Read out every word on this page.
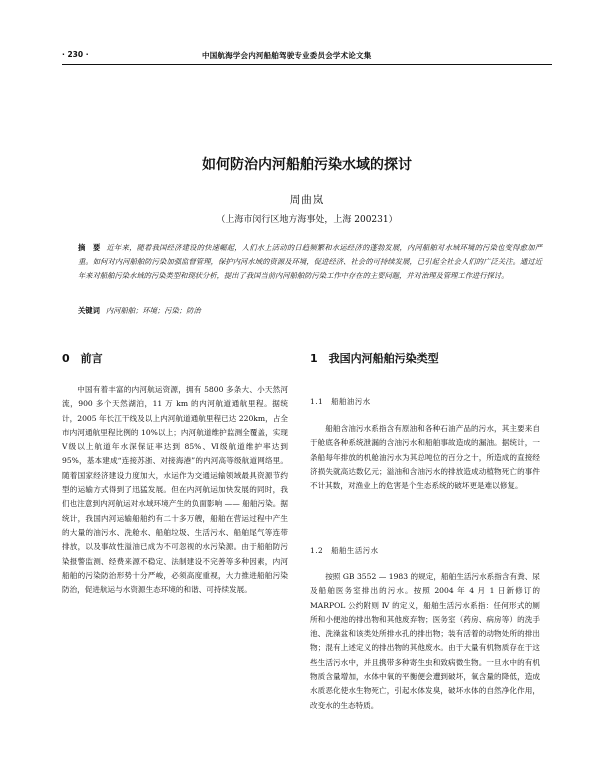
· 230 ·	中国航海学会内河船舶驾驶专业委员会学术论文集
如何防治内河船舶污染水域的探讨
周曲岚
（上海市闵行区地方海事处，上海 200231）
摘　要 近年来，随着我国经济建设的快速崛起，人们水上活动的日趋频繁和水运经济的蓬勃发展，内河船舶对水域环境的污染也变得愈加严重。如何对内河船舶防污染加强监督管理，保护内河水域的资源及环境，促进经济、社会的可持续发展，已引起全社会人们的广泛关注。通过近年来对船舶污染水域的污染类型和现状分析，提出了我国当前内河船舶防污染工作中存在的主要问题，并对治理及管理工作进行探讨。
关键词 内河船舶；环境；污染；防治
0　前言

中国有着丰富的内河航运资源，拥有 5800 多条大、小天然河流，900 多个天然湖泊，11 万 km 的内河航道通航里程。据统计，2005 年长江干线及以上内河航道通航里程已达 220km，占全市内河通航里程比例的 10%以上；内河航道维护监测全覆盖，实现Ⅴ级以上航道年水深保证率达到 85%、Ⅵ级航道维护率达到 95%，基本建成“连接苏浙、对接海港”的内河高等级航道网络里。随着国家经济建设力度加大，水运作为交通运输领域最具资源节约型的运输方式得到了迅猛发展。但在内河航运加快发展的同时，我们也注意到内河航运对水域环境产生的负面影响 —— 船舶污染。据统计，我国内河运输船舶约有二十多万艘，船舶在营运过程中产生的大量的油污水、洗舱水、船舶垃圾、生活污水、船舶尾气等连带排放，以及事故性溢油已成为不可忽视的水污染源。由于船舶防污染报警监测、经费来源不稳定、法制建设不完善等多种因素，内河船舶的污染防治形势十分严峻，必须高度重视，大力推进船舶污染防治，促进航运与水资源生态环境的和谐、可持续发展。

1　我国内河船舶污染类型
1.1　船舶油污水

船舶含油污水系指含有原油和各种石油产品的污水，其主要来自于舱底各种系统泄漏的含油污水和船舶事故造成的漏油。据统计，一条船每年排放的机舱油污水为其总吨位的百分之十，所造成的直接经济损失就高达数亿元；溢油和含油污水的排放造成动植物死亡的事件不计其数，对渔业上的危害是个生态系统的破坏更是难以修复。

1.2　船舶生活污水

按照 GB 3552 — 1983 的规定，船舶生活污水系指含有粪、尿及船舶医务室排出的污水。按照 2004 年 4 月 1 日新修订的 MARPOL 公约附则 Ⅳ 的定义，船舶生活污水系指：任何形式的厕所和小便池的排出物和其他废弃物；医务室（药房、病房等）的洗手池、洗澡盆和该类处所排水孔的排出物；装有活着的动物处所的排出物；混有上述定义的排出物的其他废水。由于大量有机物质存在于这些生活污水中，并且携带多种寄生虫和致病微生物。一旦水中的有机物质含量增加，水体中氧的平衡便会遭到破坏，氧含量的降低，造成水质恶化使水生物死亡，引起水体发臭，破坏水体的自然净化作用，改变水的生态特质。
